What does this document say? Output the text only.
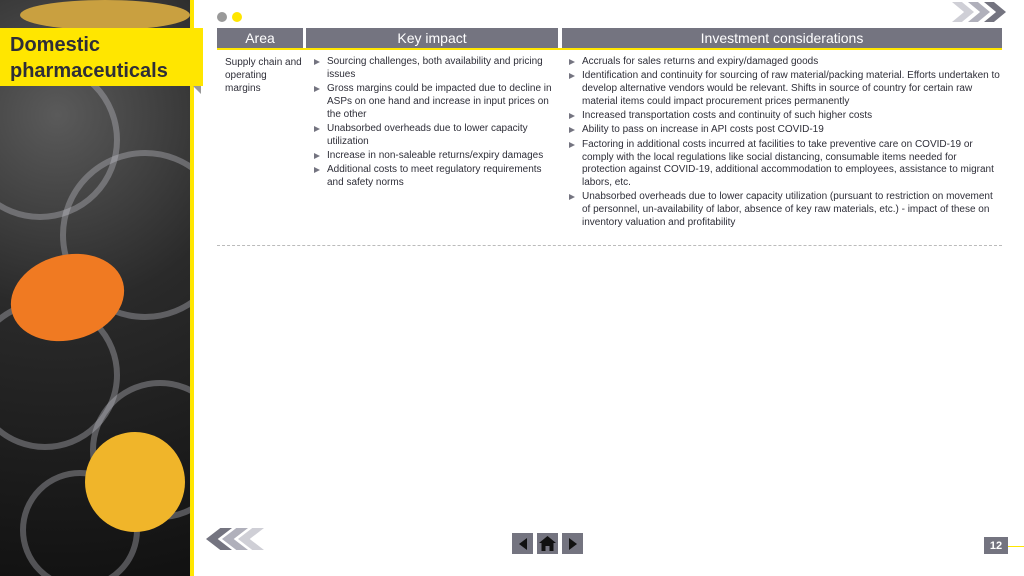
Domestic pharmaceuticals
Area	Key impact	Investment considerations
Supply chain and operating margins
Sourcing challenges, both availability and pricing issues
Gross margins could be impacted due to decline in ASPs on one hand and increase in input prices on the other
Unabsorbed overheads due to lower capacity utilization
Increase in non-saleable returns/expiry damages
Additional costs to meet regulatory requirements and safety norms
Accruals for sales returns and expiry/damaged goods
Identification and continuity for sourcing of raw material/packing material. Efforts undertaken to develop alternative vendors would be relevant. Shifts in source of country for certain raw material items could impact procurement prices permanently
Increased transportation costs and continuity of such higher costs
Ability to pass on increase in API costs post COVID-19
Factoring in additional costs incurred at facilities to take preventive care on COVID-19 or comply with the local regulations like social distancing, consumable items needed for protection against COVID-19, additional accommodation to employees, assistance to migrant labors, etc.
Unabsorbed overheads due to lower capacity utilization (pursuant to restriction on movement of personnel, un-availability of labor, absence of key raw materials, etc.) - impact of these on inventory valuation and profitability
12
